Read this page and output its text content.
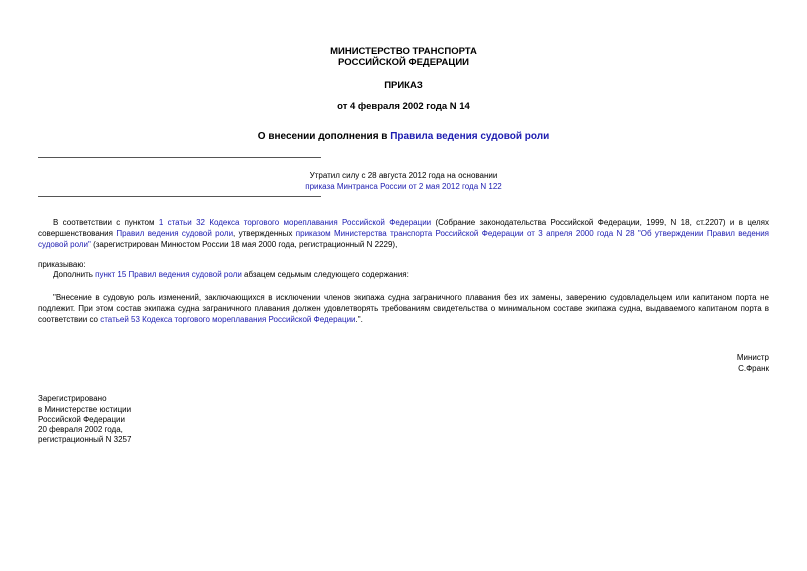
МИНИСТЕРСТВО ТРАНСПОРТА
РОССИЙСКОЙ ФЕДЕРАЦИИ
ПРИКАЗ
от 4 февраля 2002 года N 14
О внесении дополнения в Правила ведения судовой роли
Утратил силу с 28 августа 2012 года на основании
приказа Минтранса России от 2 мая 2012 года N 122
В соответствии с пунктом 1 статьи 32 Кодекса торгового мореплавания Российской Федерации (Собрание законодательства Российской Федерации, 1999, N 18, ст.2207) и в целях совершенствования Правил ведения судовой роли, утвержденных приказом Министерства транспорта Российской Федерации от 3 апреля 2000 года N 28 "Об утверждении Правил ведения судовой роли" (зарегистрирован Минюстом России 18 мая 2000 года, регистрационный N 2229),
приказываю:
Дополнить пункт 15 Правил ведения судовой роли абзацем седьмым следующего содержания:
"Внесение в судовую роль изменений, заключающихся в исключении членов экипажа судна заграничного плавания без их замены, заверению судовладельцем или капитаном порта не подлежит. При этом состав экипажа судна заграничного плавания должен удовлетворять требованиям свидетельства о минимальном составе экипажа судна, выдаваемого капитаном порта в соответствии со статьей 53 Кодекса торгового мореплавания Российской Федерации.".
Министр
С.Франк
Зарегистрировано
в Министерстве юстиции
Российской Федерации
20 февраля 2002 года,
регистрационный N 3257
